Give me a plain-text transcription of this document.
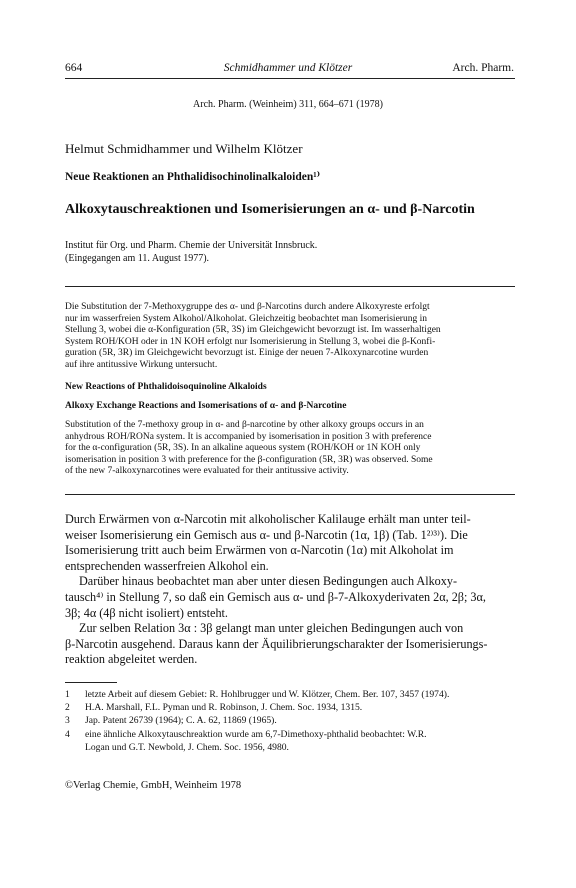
664	Schmidhammer und Klötzer	Arch. Pharm.
Arch. Pharm. (Weinheim) 311, 664–671 (1978)
Helmut Schmidhammer und Wilhelm Klötzer
Neue Reaktionen an Phthalidisochinolinalkaloiden¹⁾
Alkoxytauschreaktionen und Isomerisierungen an α- und β-Narcotin
Institut für Org. und Pharm. Chemie der Universität Innsbruck.
(Eingegangen am 11. August 1977).
Die Substitution der 7-Methoxygruppe des α- und β-Narcotins durch andere Alkoxyreste erfolgt
nur im wasserfreien System Alkohol/Alkoholat. Gleichzeitig beobachtet man Isomerisierung in
Stellung 3, wobei die α-Konfiguration (5R, 3S) im Gleichgewicht bevorzugt ist. Im wasserhaltigen
System ROH/KOH oder in 1N KOH erfolgt nur Isomerisierung in Stellung 3, wobei die β-Konfi-
guration (5R, 3R) im Gleichgewicht bevorzugt ist. Einige der neuen 7-Alkoxynarcotine wurden
auf ihre antitussive Wirkung untersucht.
New Reactions of Phthalidoisoquinoline Alkaloids
Alkoxy Exchange Reactions and Isomerisations of α- and β-Narcotine
Substitution of the 7-methoxy group in α- and β-narcotine by other alkoxy groups occurs in an
anhydrous ROH/RONa system. It is accompanied by isomerisation in position 3 with preference
for the α-configuration (5R, 3S). In an alkaline aqueous system (ROH/KOH or 1N KOH only
isomerisation in position 3 with preference for the β-configuration (5R, 3R) was observed. Some
of the new 7-alkoxynarcotines were evaluated for their antitussive activity.
Durch Erwärmen von α-Narcotin mit alkoholischer Kalilauge erhält man unter teil-
weiser Isomerisierung ein Gemisch aus α- und β-Narcotin (1α, 1β) (Tab. 1²⁾³⁾). Die
Isomerisierung tritt auch beim Erwärmen von α-Narcotin (1α) mit Alkoholat im
entsprechenden wasserfreien Alkohol ein.
Darüber hinaus beobachtet man aber unter diesen Bedingungen auch Alkoxy-
tausch⁴⁾ in Stellung 7, so daß ein Gemisch aus α- und β-7-Alkoxyderivaten 2α, 2β; 3α,
3β; 4α (4β nicht isoliert) entsteht.
Zur selben Relation 3α : 3β gelangt man unter gleichen Bedingungen auch von
β-Narcotin ausgehend. Daraus kann der Äquilibrierungscharakter der Isomerisierungs-
reaktion abgeleitet werden.
1	letzte Arbeit auf diesem Gebiet: R. Hohlbrugger und W. Klötzer, Chem. Ber. 107, 3457 (1974).
2	H.A. Marshall, F.L. Pyman und R. Robinson, J. Chem. Soc. 1934, 1315.
3	Jap. Patent 26739 (1964); C. A. 62, 11869 (1965).
4	eine ähnliche Alkoxytauschreaktion wurde am 6,7-Dimethoxy-phthalid beobachtet: W.R.
Logan und G.T. Newbold, J. Chem. Soc. 1956, 4980.
©Verlag Chemie, GmbH, Weinheim 1978
